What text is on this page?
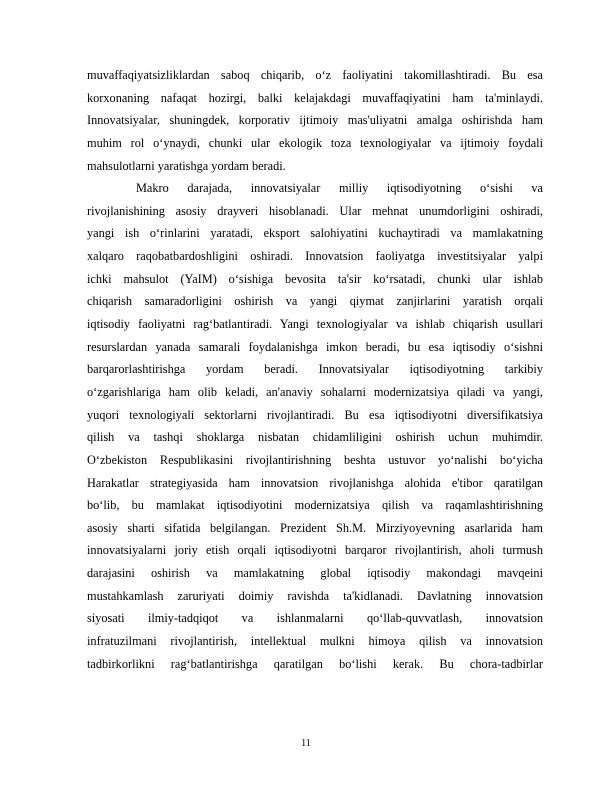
muvaffaqiyatsizliklardan saboq chiqarib, oʻz faoliyatini takomillashtiradi. Bu esa
korxonaning nafaqat hozirgi, balki kelajakdagi muvaffaqiyatini ham ta'minlaydi.
Innovatsiyalar, shuningdek, korporativ ijtimoiy mas'uliyatni amalga oshirishda ham
muhim rol oʻynaydi, chunki ular ekologik toza texnologiyalar va ijtimoiy foydali
mahsulotlarni yaratishga yordam beradi.
Makro darajada, innovatsiyalar milliy iqtisodiyotning oʻsishi va
rivojlanishining asosiy drayveri hisoblanadi. Ular mehnat unumdorligini oshiradi,
yangi ish oʻrinlarini yaratadi, eksport salohiyatini kuchaytiradi va mamlakatning
xalqaro raqobatbardoshligini oshiradi. Innovatsion faoliyatga investitsiyalar yalpi
ichki mahsulot (YaIM) oʻsishiga bevosita ta'sir koʻrsatadi, chunki ular ishlab
chiqarish samaradorligini oshirish va yangi qiymat zanjirlarini yaratish orqali
iqtisodiy faoliyatni ragʻbatlantiradi. Yangi texnologiyalar va ishlab chiqarish usullari
resurslardan yanada samarali foydalanishga imkon beradi, bu esa iqtisodiy oʻsishni
barqarorlashtirishga yordam beradi. Innovatsiyalar iqtisodiyotning tarkibiy
oʻzgarishlariga ham olib keladi, an'anaviy sohalarni modernizatsiya qiladi va yangi,
yuqori texnologiyali sektorlarni rivojlantiradi. Bu esa iqtisodiyotni diversifikatsiya
qilish va tashqi shoklarga nisbatan chidamliligini oshirish uchun muhimdir.
Oʻzbekiston Respublikasini rivojlantirishning beshta ustuvor yoʻnalishi boʻyicha
Harakatlar strategiyasida ham innovatsion rivojlanishga alohida e'tibor qaratilgan
boʻlib, bu mamlakat iqtisodiyotini modernizatsiya qilish va raqamlashtirishning
asosiy sharti sifatida belgilangan. Prezident Sh.M. Mirziyoyevning asarlarida ham
innovatsiyalarni joriy etish orqali iqtisodiyotni barqaror rivojlantirish, aholi turmush
darajasini oshirish va mamlakatning global iqtisodiy makondagi mavqeini
mustahkamlash zaruriyati doimiy ravishda ta'kidlanadi. Davlatning innovatsion
siyosati ilmiy-tadqiqot va ishlanmalarni qoʻllab-quvvatlash, innovatsion
infratuzilmani rivojlantirish, intellektual mulkni himoya qilish va innovatsion
tadbirkorlikni ragʻbatlantirishga qaratilgan boʻlishi kerak. Bu chora-tadbirlar
11
